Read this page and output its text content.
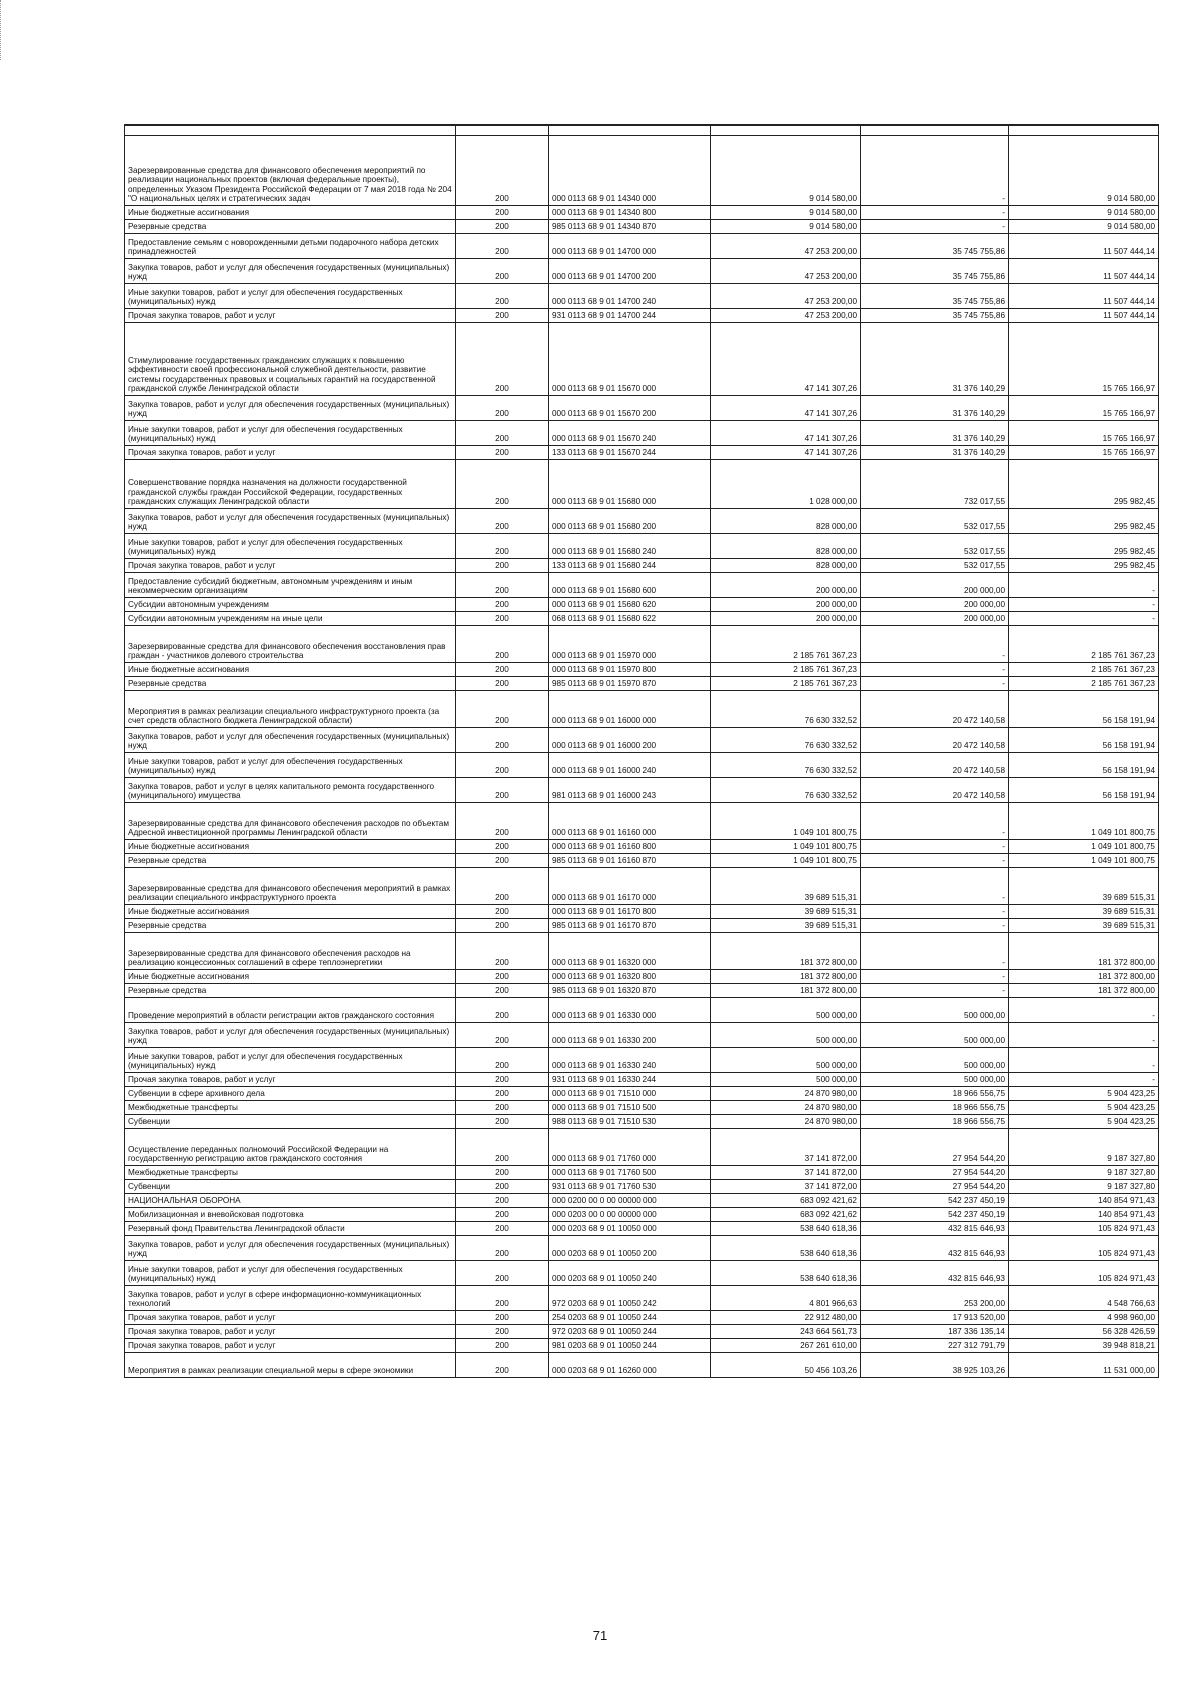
Зарезервированные средства для финансового обеспечения мероприятий по реализации национальных проектов (включая федеральные проекты), определенных Указом Президента Российской Федерации от 7 мая 2018 года № 204 "О национальных целях и стратегических задач	200	000 0113 68 9 01 14340 000	9 014 580,00	-	9 014 580,00
Иные бюджетные ассигнования	200	000 0113 68 9 01 14340 800	9 014 580,00	-	9 014 580,00
Резервные средства	200	985 0113 68 9 01 14340 870	9 014 580,00	-	9 014 580,00
Предоставление семьям с новорожденными детьми подарочного набора детских принадлежностей	200	000 0113 68 9 01 14700 000	47 253 200,00	35 745 755,86	11 507 444,14
Закупка товаров, работ и услуг для обеспечения государственных (муниципальных) нужд	200	000 0113 68 9 01 14700 200	47 253 200,00	35 745 755,86	11 507 444,14
Иные закупки товаров, работ и услуг для обеспечения государственных (муниципальных) нужд	200	000 0113 68 9 01 14700 240	47 253 200,00	35 745 755,86	11 507 444,14
Прочая закупка товаров, работ и услуг	200	931 0113 68 9 01 14700 244	47 253 200,00	35 745 755,86	11 507 444,14
Стимулирование государственных гражданских служащих к повышению эффективности своей профессиональной служебной деятельности, развитие системы государственных правовых и социальных гарантий на государственной гражданской службе Ленинградской области	200	000 0113 68 9 01 15670 000	47 141 307,26	31 376 140,29	15 765 166,97
Закупка товаров, работ и услуг для обеспечения государственных (муниципальных) нужд	200	000 0113 68 9 01 15670 200	47 141 307,26	31 376 140,29	15 765 166,97
Иные закупки товаров, работ и услуг для обеспечения государственных (муниципальных) нужд	200	000 0113 68 9 01 15670 240	47 141 307,26	31 376 140,29	15 765 166,97
Прочая закупка товаров, работ и услуг	200	133 0113 68 9 01 15670 244	47 141 307,26	31 376 140,29	15 765 166,97
Совершенствование порядка назначения на должности государственной гражданской службы граждан Российской Федерации, государственных гражданских служащих Ленинградской области	200	000 0113 68 9 01 15680 000	1 028 000,00	732 017,55	295 982,45
Закупка товаров, работ и услуг для обеспечения государственных (муниципальных) нужд	200	000 0113 68 9 01 15680 200	828 000,00	532 017,55	295 982,45
Иные закупки товаров, работ и услуг для обеспечения государственных (муниципальных) нужд	200	000 0113 68 9 01 15680 240	828 000,00	532 017,55	295 982,45
Прочая закупка товаров, работ и услуг	200	133 0113 68 9 01 15680 244	828 000,00	532 017,55	295 982,45
Предоставление субсидий бюджетным, автономным учреждениям и иным некоммерческим организациям	200	000 0113 68 9 01 15680 600	200 000,00	200 000,00	-
Субсидии автономным учреждениям	200	000 0113 68 9 01 15680 620	200 000,00	200 000,00	-
Субсидии автономным учреждениям на иные цели	200	068 0113 68 9 01 15680 622	200 000,00	200 000,00	-
Зарезервированные средства для финансового обеспечения восстановления прав граждан - участников долевого строительства	200	000 0113 68 9 01 15970 000	2 185 761 367,23	-	2 185 761 367,23
Иные бюджетные ассигнования	200	000 0113 68 9 01 15970 800	2 185 761 367,23	-	2 185 761 367,23
Резервные средства	200	985 0113 68 9 01 15970 870	2 185 761 367,23	-	2 185 761 367,23
Мероприятия в рамках реализации специального инфраструктурного проекта (за счет средств областного бюджета Ленинградской области)	200	000 0113 68 9 01 16000 000	76 630 332,52	20 472 140,58	56 158 191,94
Закупка товаров, работ и услуг для обеспечения государственных (муниципальных) нужд	200	000 0113 68 9 01 16000 200	76 630 332,52	20 472 140,58	56 158 191,94
Иные закупки товаров, работ и услуг для обеспечения государственных (муниципальных) нужд	200	000 0113 68 9 01 16000 240	76 630 332,52	20 472 140,58	56 158 191,94
Закупка товаров, работ и услуг в целях капитального ремонта государственного (муниципального) имущества	200	981 0113 68 9 01 16000 243	76 630 332,52	20 472 140,58	56 158 191,94
Зарезервированные средства для финансового обеспечения расходов по объектам Адресной инвестиционной программы Ленинградской области	200	000 0113 68 9 01 16160 000	1 049 101 800,75	-	1 049 101 800,75
Иные бюджетные ассигнования	200	000 0113 68 9 01 16160 800	1 049 101 800,75	-	1 049 101 800,75
Резервные средства	200	985 0113 68 9 01 16160 870	1 049 101 800,75	-	1 049 101 800,75
Зарезервированные средства для финансового обеспечения мероприятий в рамках реализации специального инфраструктурного проекта	200	000 0113 68 9 01 16170 000	39 689 515,31	-	39 689 515,31
Иные бюджетные ассигнования	200	000 0113 68 9 01 16170 800	39 689 515,31	-	39 689 515,31
Резервные средства	200	985 0113 68 9 01 16170 870	39 689 515,31	-	39 689 515,31
Зарезервированные средства для финансового обеспечения расходов на реализацию концессионных соглашений в сфере теплоэнергетики	200	000 0113 68 9 01 16320 000	181 372 800,00	-	181 372 800,00
Иные бюджетные ассигнования	200	000 0113 68 9 01 16320 800	181 372 800,00	-	181 372 800,00
Резервные средства	200	985 0113 68 9 01 16320 870	181 372 800,00	-	181 372 800,00
Проведение мероприятий в области регистрации актов гражданского состояния	200	000 0113 68 9 01 16330 000	500 000,00	500 000,00	-
Закупка товаров, работ и услуг для обеспечения государственных (муниципальных) нужд	200	000 0113 68 9 01 16330 200	500 000,00	500 000,00	-
Иные закупки товаров, работ и услуг для обеспечения государственных (муниципальных) нужд	200	000 0113 68 9 01 16330 240	500 000,00	500 000,00	-
Прочая закупка товаров, работ и услуг	200	931 0113 68 9 01 16330 244	500 000,00	500 000,00	-
Субвенции в сфере архивного дела	200	000 0113 68 9 01 71510 000	24 870 980,00	18 966 556,75	5 904 423,25
Межбюджетные трансферты	200	000 0113 68 9 01 71510 500	24 870 980,00	18 966 556,75	5 904 423,25
Субвенции	200	988 0113 68 9 01 71510 530	24 870 980,00	18 966 556,75	5 904 423,25
Осуществление переданных полномочий Российской Федерации на государственную регистрацию актов гражданского состояния	200	000 0113 68 9 01 71760 000	37 141 872,00	27 954 544,20	9 187 327,80
Межбюджетные трансферты	200	000 0113 68 9 01 71760 500	37 141 872,00	27 954 544,20	9 187 327,80
Субвенции	200	931 0113 68 9 01 71760 530	37 141 872,00	27 954 544,20	9 187 327,80
НАЦИОНАЛЬНАЯ ОБОРОНА	200	000 0200 00 0 00 00000 000	683 092 421,62	542 237 450,19	140 854 971,43
Мобилизационная и вневойсковая подготовка	200	000 0203 00 0 00 00000 000	683 092 421,62	542 237 450,19	140 854 971,43
Резервный фонд Правительства Ленинградской области	200	000 0203 68 9 01 10050 000	538 640 618,36	432 815 646,93	105 824 971,43
Закупка товаров, работ и услуг для обеспечения государственных (муниципальных) нужд	200	000 0203 68 9 01 10050 200	538 640 618,36	432 815 646,93	105 824 971,43
Иные закупки товаров, работ и услуг для обеспечения государственных (муниципальных) нужд	200	000 0203 68 9 01 10050 240	538 640 618,36	432 815 646,93	105 824 971,43
Закупка товаров, работ и услуг в сфере информационно-коммуникационных технологий	200	972 0203 68 9 01 10050 242	4 801 966,63	253 200,00	4 548 766,63
Прочая закупка товаров, работ и услуг	200	254 0203 68 9 01 10050 244	22 912 480,00	17 913 520,00	4 998 960,00
Прочая закупка товаров, работ и услуг	200	972 0203 68 9 01 10050 244	243 664 561,73	187 336 135,14	56 328 426,59
Прочая закупка товаров, работ и услуг	200	981 0203 68 9 01 10050 244	267 261 610,00	227 312 791,79	39 948 818,21
Мероприятия в рамках реализации специальной меры в сфере экономики	200	000 0203 68 9 01 16260 000	50 456 103,26	38 925 103,26	11 531 000,00
71
